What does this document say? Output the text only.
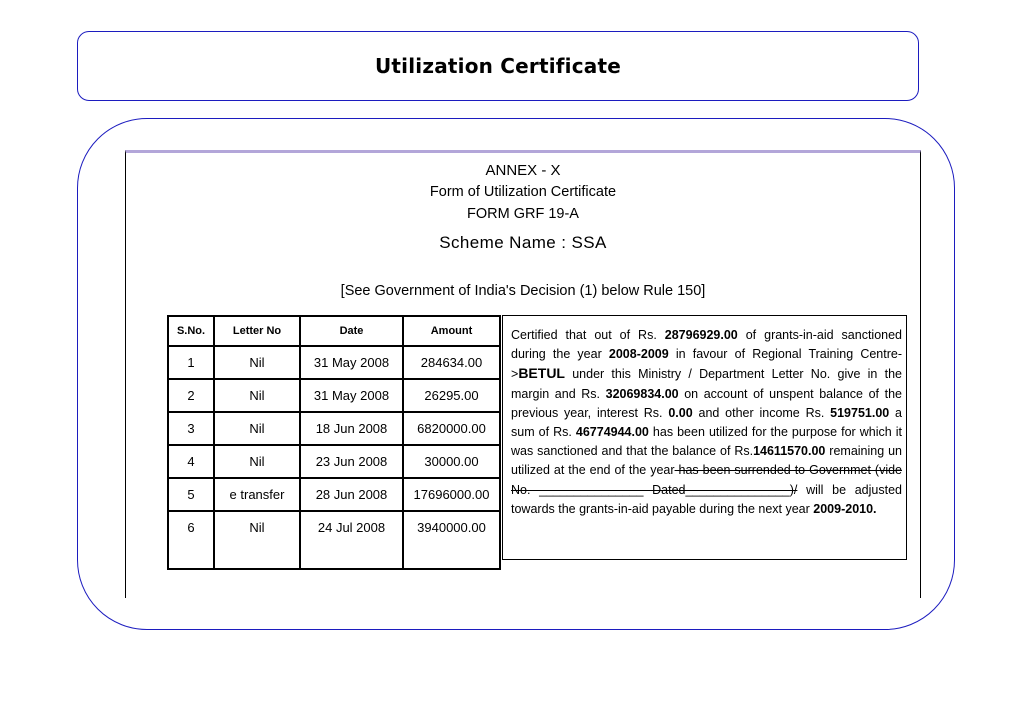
Utilization Certificate
ANNEX - X
Form of Utilization Certificate
FORM GRF 19-A
Scheme Name : SSA
[See Government of India's Decision (1) below Rule 150]
S.No.	Letter No	Date	Amount
1	Nil	31 May 2008	284634.00
2	Nil	31 May 2008	26295.00
3	Nil	18 Jun 2008	6820000.00
4	Nil	23 Jun 2008	30000.00
5	e transfer	28 Jun 2008	17696000.00
6	Nil	24 Jul 2008	3940000.00
Certified that out of Rs. 28796929.00 of grants-in-aid sanctioned during the year 2008-2009 in favour of Regional Training Centre->BETUL under this Ministry / Department Letter No. give in the margin and Rs. 32069834.00 on account of unspent balance of the previous year, interest Rs. 0.00 and other income Rs. 519751.00 a sum of Rs. 46774944.00 has been utilized for the purpose for which it was sanctioned and that the balance of Rs.14611570.00 remaining un utilized at the end of the year has been surrended to Governmet (vide No. _______________ Dated_______________)/ will be adjusted towards the grants-in-aid payable during the next year 2009-2010.
